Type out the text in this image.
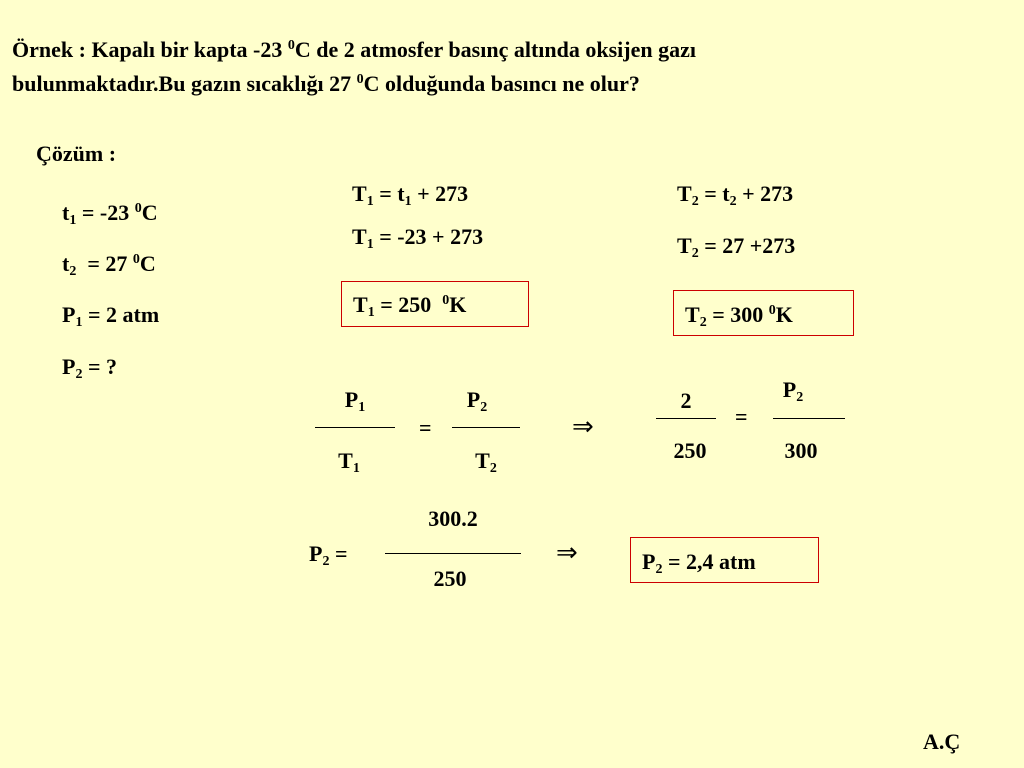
Örnek : Kapalı bir kapta -23 $^0$C de 2 atmosfer basınç altında oksijen gazı
bulunmaktadır.Bu gazın sıcaklığı 27 $^0$C olduğunda basıncı ne olur?
Çözüm :
$t_1 = -23$ $^0$C
$t_2 = 27$ $^0$C
$P_1 = 2$ atm
$P_2$ = ?
$T_1 = t_1 + 273$
$T_1 = -23 + 273$
$T_1 = 250$  $^0$K
$T_2 = t_2 + 273$
$T_2 = 27 +273$
$T_2 = 300$ $^0$K
$P_1$
$T_1$
=
$P_2$
$T_2$
⇒
2
250
=
$P_2$
300
$P_2$ =
300.2
250
⇒	$P_2 = 2,4$ atm
A.Ç
